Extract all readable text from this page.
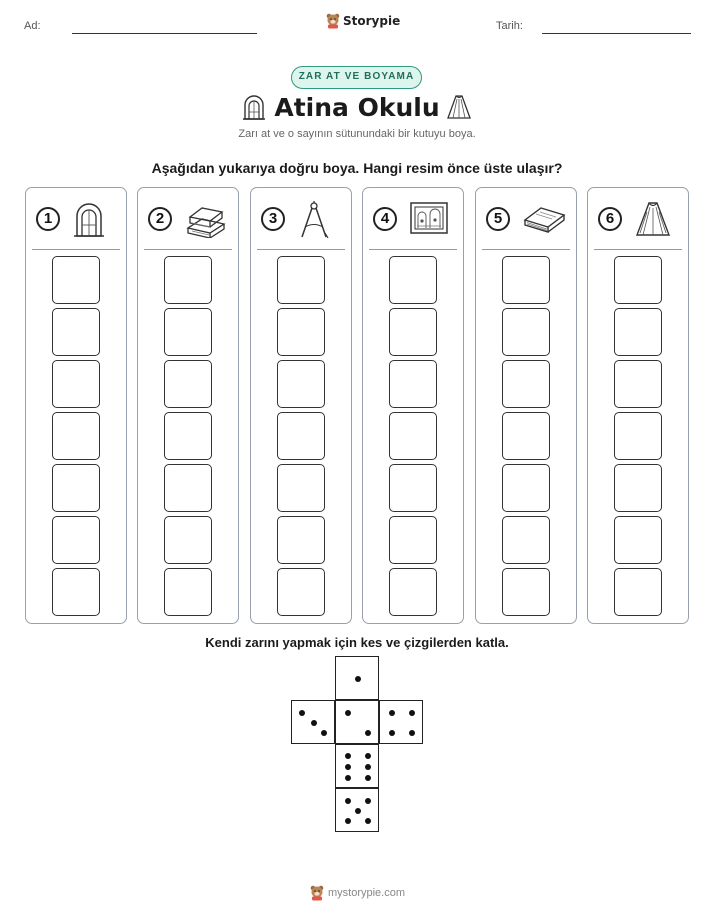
Ad:	Storypie	Tarih:
ZAR AT VE BOYAMA
Atina Okulu
Zarı at ve o sayının sütunundaki bir kutuyu boya.
Aşağıdan yukarıya doğru boya. Hangi resim önce üste ulaşır?
1	2	3	4	5	6
Kendi zarını yapmak için kes ve çizgilerden katla.
mystorypie.com
